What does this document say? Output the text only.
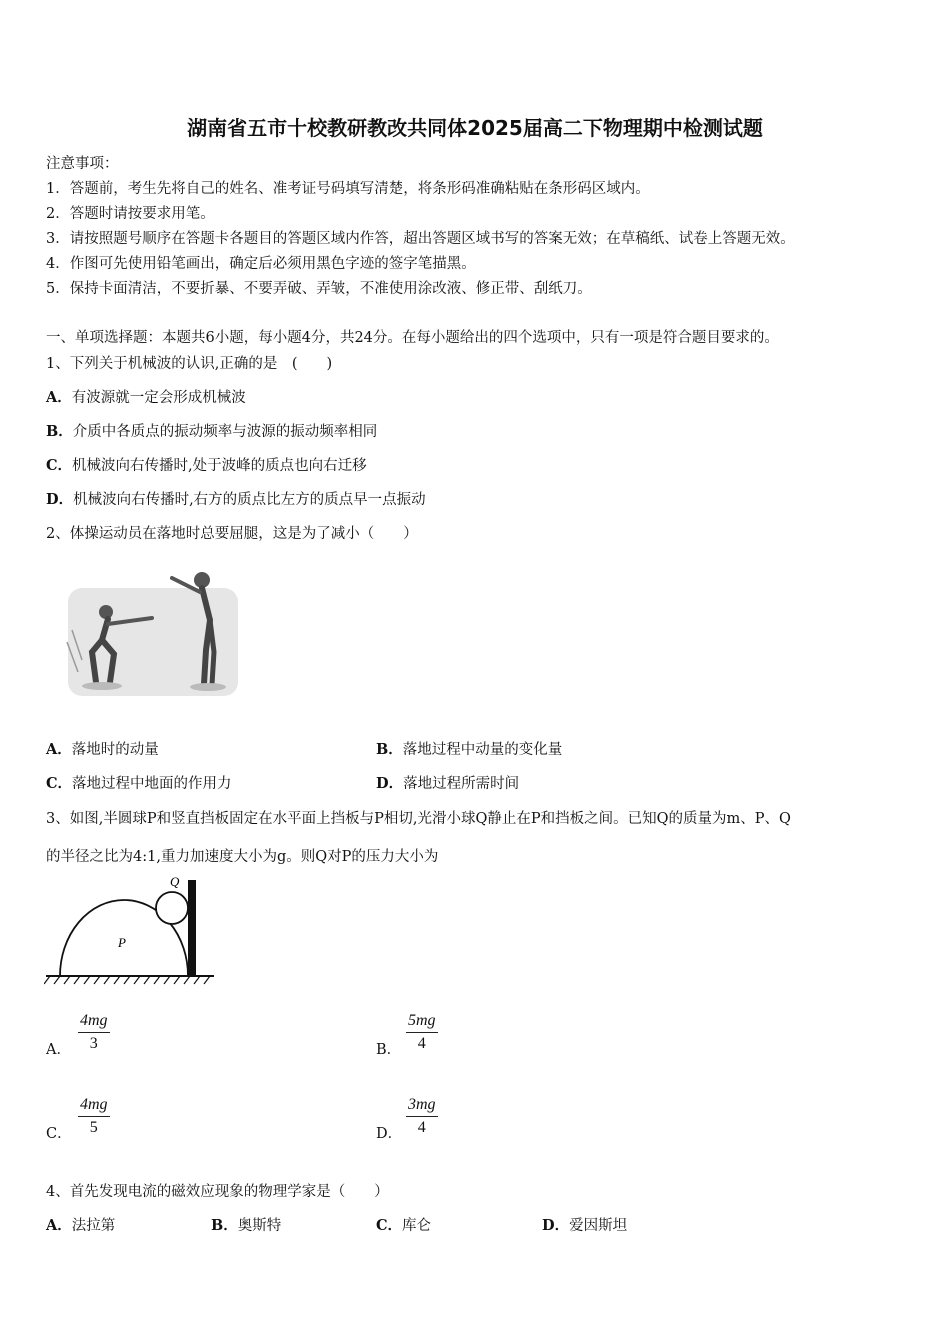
湖南省五市十校教研教改共同体2025届高二下物理期中检测试题
注意事项：
1．答题前，考生先将自己的姓名、准考证号码填写清楚，将条形码准确粘贴在条形码区域内。
2．答题时请按要求用笔。
3．请按照题号顺序在答题卡各题目的答题区域内作答，超出答题区域书写的答案无效；在草稿纸、试卷上答题无效。
4．作图可先使用铅笔画出，确定后必须用黑色字迹的签字笔描黑。
5．保持卡面清洁，不要折暴、不要弄破、弄皱，不准使用涂改液、修正带、刮纸刀。
一、单项选择题：本题共6小题，每小题4分，共24分。在每小题给出的四个选项中，只有一项是符合题目要求的。
1、下列关于机械波的认识,正确的是　(　　)
A．有波源就一定会形成机械波
B．介质中各质点的振动频率与波源的振动频率相同
C．机械波向右传播时,处于波峰的质点也向右迁移
D．机械波向右传播时,右方的质点比左方的质点早一点振动
2、体操运动员在落地时总要屈腿，这是为了减小（　　）
A．落地时的动量	B．落地过程中动量的变化量
C．落地过程中地面的作用力	D．落地过程所需时间
3、如图,半圆球P和竖直挡板固定在水平面上挡板与P相切,光滑小球Q静止在P和挡板之间。已知Q的质量为m、P、Q
的半径之比为4:1,重力加速度大小为g。则Q对P的压力大小为
P
Q
A． $\frac{4mg}{3}$	B． $\frac{5mg}{4}$
C． $\frac{4mg}{5}$	D． $\frac{3mg}{4}$
4、首先发现电流的磁效应现象的物理学家是（　　）
A．法拉第	B．奥斯特	C．库仑	D．爱因斯坦
